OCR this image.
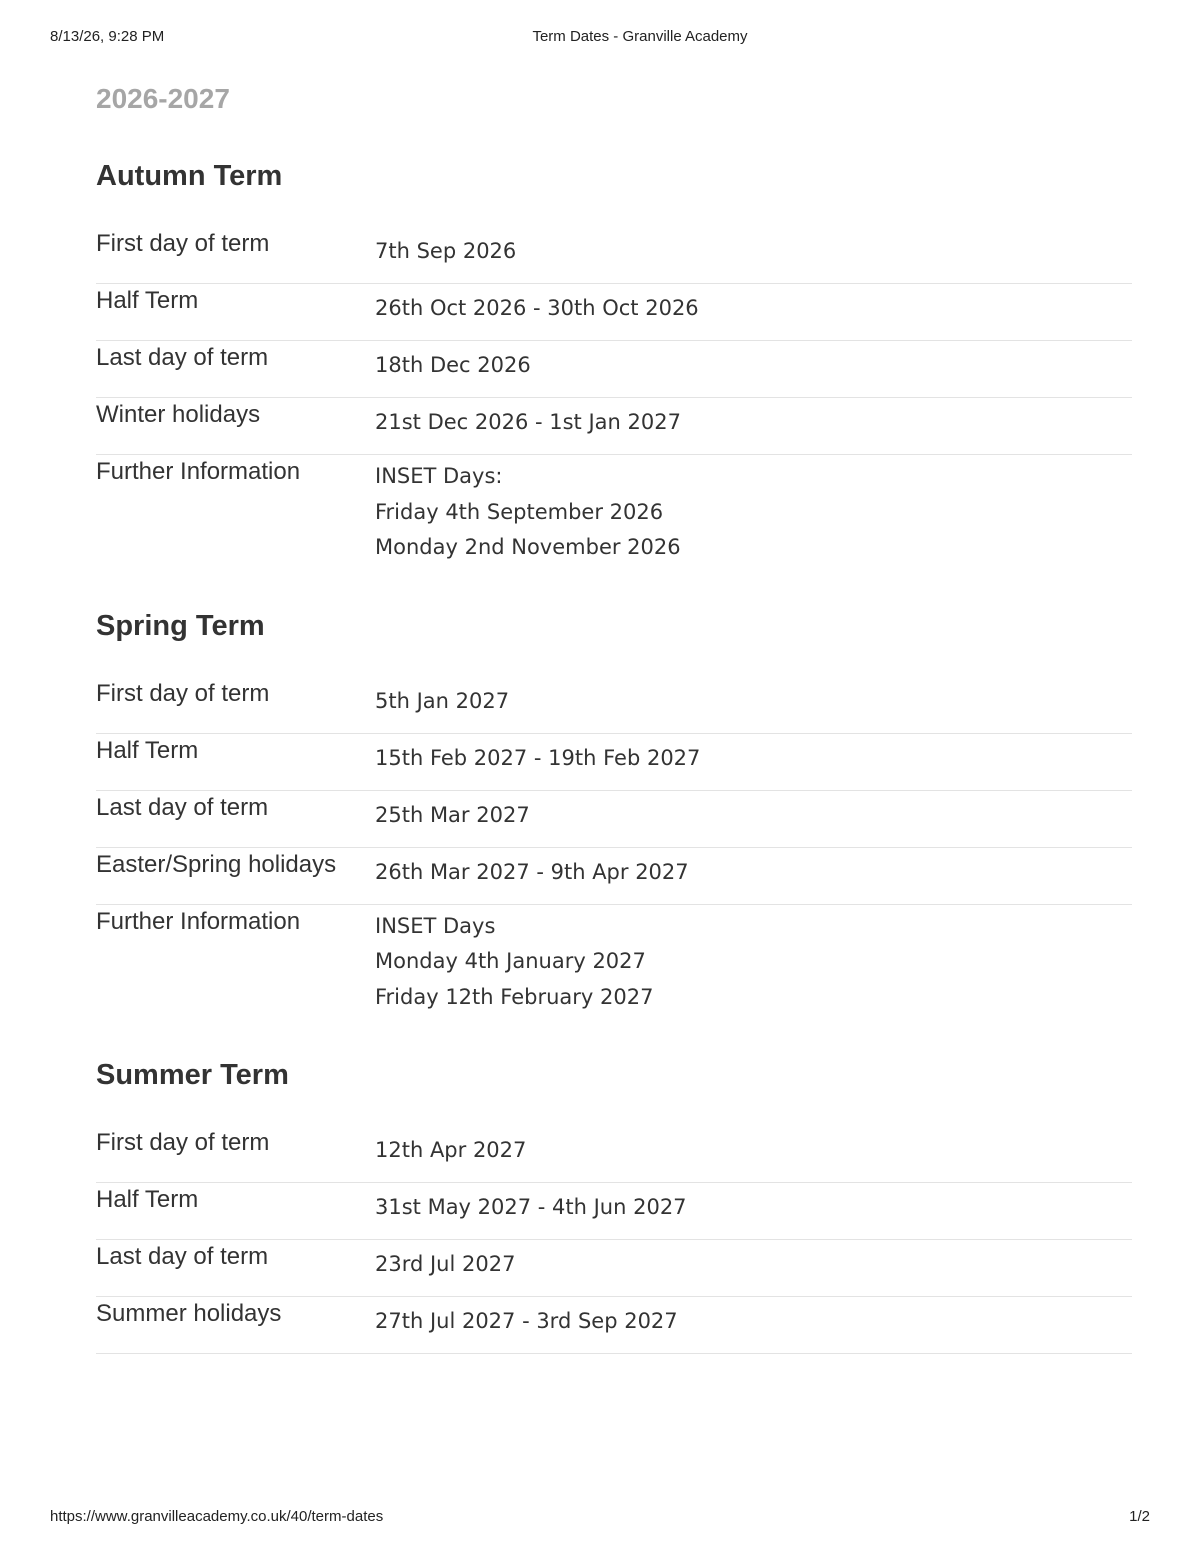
8/13/26, 9:28 PM	Term Dates - Granville Academy
2026-2027
Autumn Term
First day of term	7th Sep 2026
Half Term	26th Oct 2026 - 30th Oct 2026
Last day of term	18th Dec 2026
Winter holidays	21st Dec 2026 - 1st Jan 2027
Further Information	INSET Days:
Friday 4th September 2026
Monday 2nd November 2026
Spring Term
First day of term	5th Jan 2027
Half Term	15th Feb 2027 - 19th Feb 2027
Last day of term	25th Mar 2027
Easter/Spring holidays	26th Mar 2027 - 9th Apr 2027
Further Information	INSET Days
Monday 4th January 2027
Friday 12th February 2027
Summer Term
First day of term	12th Apr 2027
Half Term	31st May 2027 - 4th Jun 2027
Last day of term	23rd Jul 2027
Summer holidays	27th Jul 2027 - 3rd Sep 2027
https://www.granvilleacademy.co.uk/40/term-dates	1/2
